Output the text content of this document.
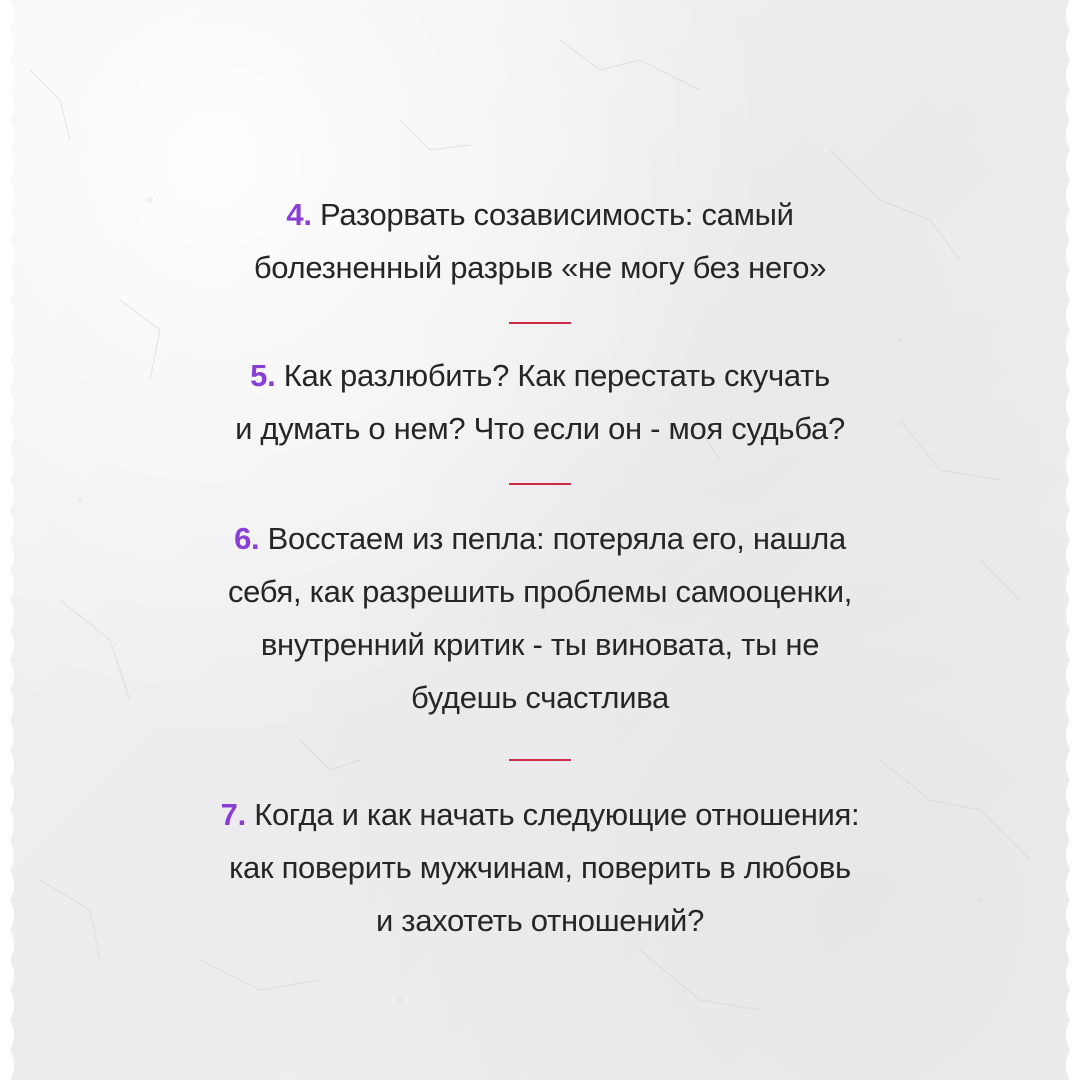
4. Разорвать созависимость: самый
болезненный разрыв «не могу без него»
5. Как разлюбить? Как перестать скучать
и думать о нем? Что если он - моя судьба?
6. Восстаем из пепла: потеряла его, нашла
себя, как разрешить проблемы самооценки,
внутренний критик - ты виновата, ты не
будешь счастлива
7. Когда и как начать следующие отношения:
как поверить мужчинам, поверить в любовь
и захотеть отношений?
